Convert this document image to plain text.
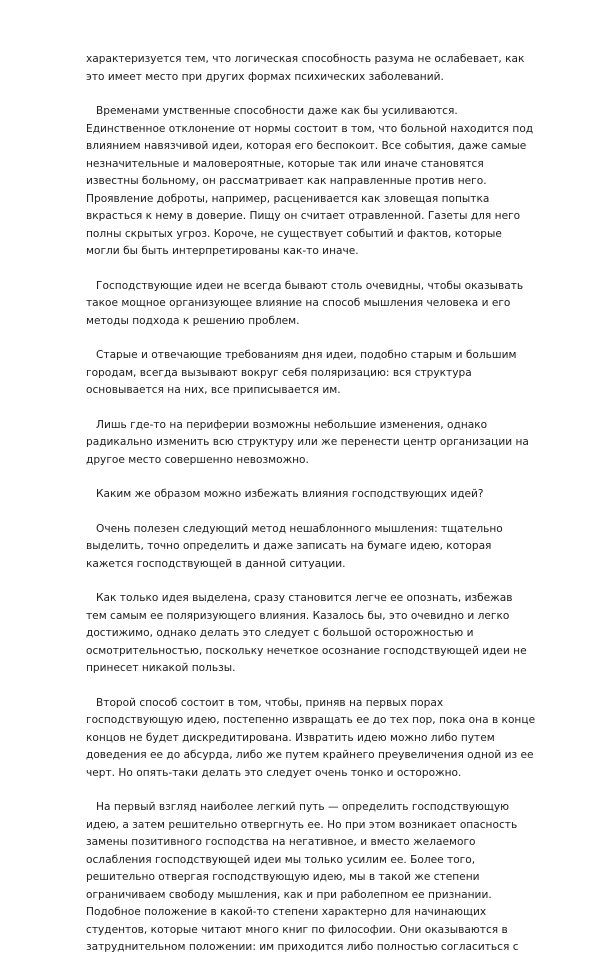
характеризуется тем, что логическая способность разума не ослабевает, как
это имеет место при других формах психических заболеваний.

Временами умственные способности даже как бы усиливаются.
Единственное отклонение от нормы состоит в том, что больной находится под
влиянием навязчивой идеи, которая его беспокоит. Все события, даже самые
незначительные и маловероятные, которые так или иначе становятся
известны больному, он рассматривает как направленные против него.
Проявление доброты, например, расценивается как зловещая попытка
вкрасться к нему в доверие. Пищу он считает отравленной. Газеты для него
полны скрытых угроз. Короче, не существует событий и фактов, которые
могли бы быть интерпретированы как-то иначе.

Господствующие идеи не всегда бывают столь очевидны, чтобы оказывать
такое мощное организующее влияние на способ мышления человека и его
методы подхода к решению проблем.

Старые и отвечающие требованиям дня идеи, подобно старым и большим
городам, всегда вызывают вокруг себя поляризацию: вся структура
основывается на них, все приписывается им.

Лишь где-то на периферии возможны небольшие изменения, однако
радикально изменить всю структуру или же перенести центр организации на
другое место совершенно невозможно.

Каким же образом можно избежать влияния господствующих идей?

Очень полезен следующий метод нешаблонного мышления: тщательно
выделить, точно определить и даже записать на бумаге идею, которая
кажется господствующей в данной ситуации.

Как только идея выделена, сразу становится легче ее опознать, избежав
тем самым ее поляризующего влияния. Казалось бы, это очевидно и легко
достижимо, однако делать это следует с большой осторожностью и
осмотрительностью, поскольку нечеткое осознание господствующей идеи не
принесет никакой пользы.

Второй способ состоит в том, чтобы, приняв на первых порах
господствующую идею, постепенно извращать ее до тех пор, пока она в конце
концов не будет дискредитирована. Извратить идею можно либо путем
доведения ее до абсурда, либо же путем крайнего преувеличения одной из ее
черт. Но опять-таки делать это следует очень тонко и осторожно.

На первый взгляд наиболее легкий путь — определить господствующую
идею, а затем решительно отвергнуть ее. Но при этом возникает опасность
замены позитивного господства на негативное, и вместо желаемого
ослабления господствующей идеи мы только усилим ее. Более того,
решительно отвергая господствующую идею, мы в такой же степени
ограничиваем свободу мышления, как и при раболепном ее признании.
Подобное положение в какой-то степени характерно для начинающих
студентов, которые читают много книг по философии. Они оказываются в
затруднительном положении: им приходится либо полностью согласиться с
